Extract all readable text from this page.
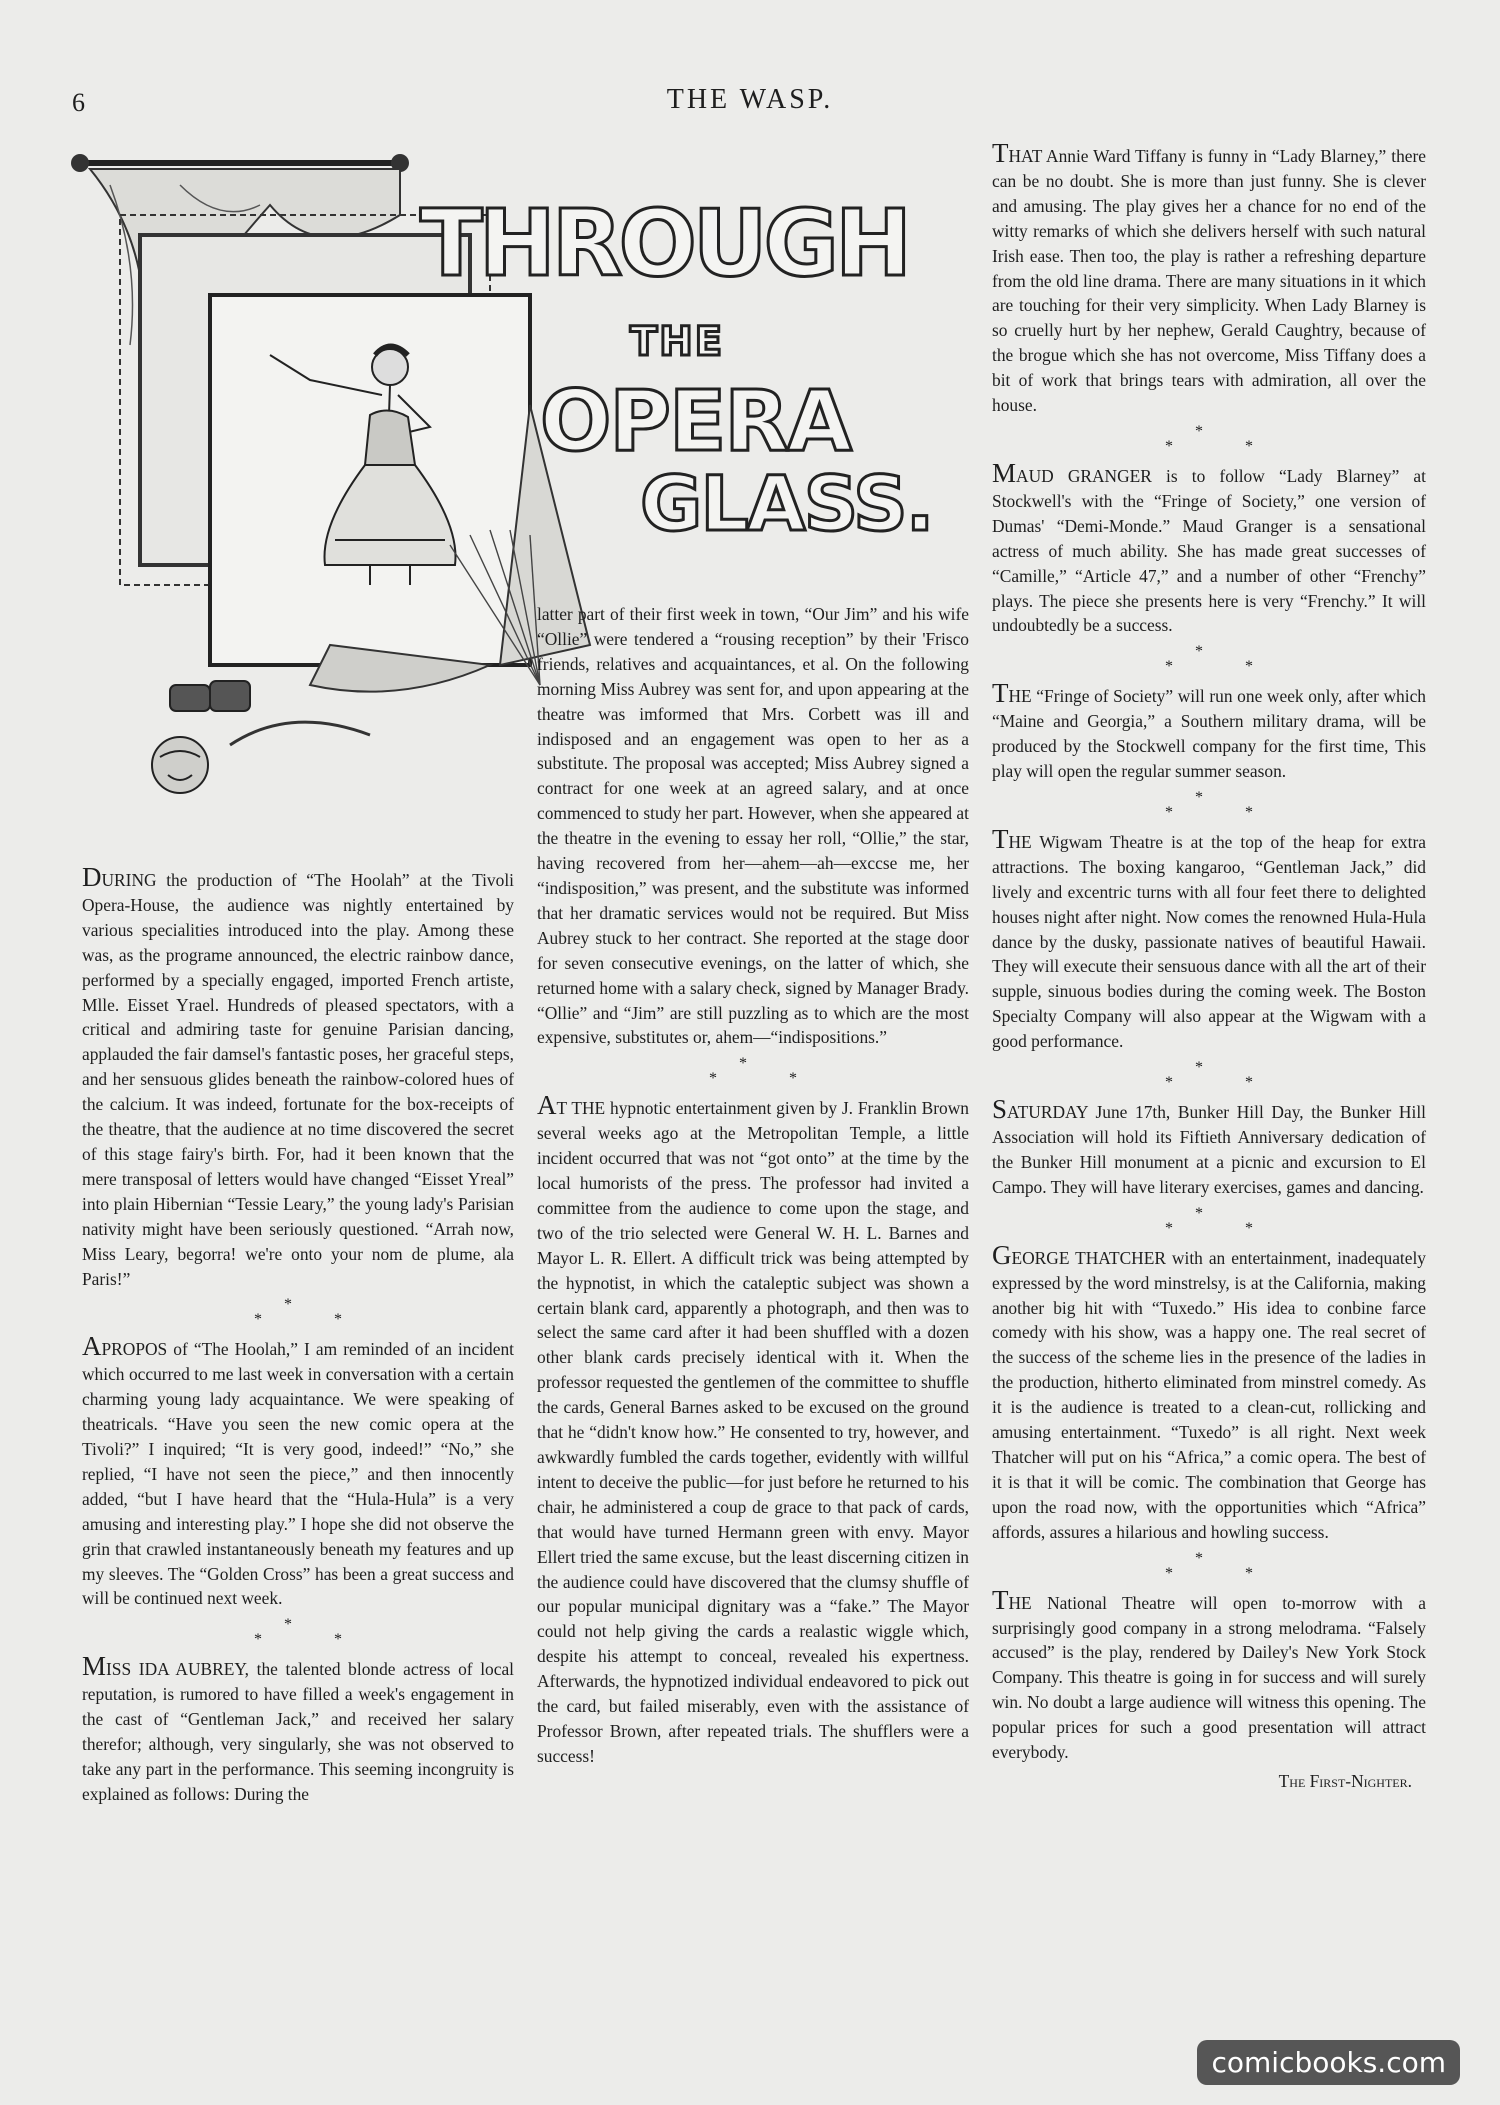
6	THE WASP.
THROUGH
THE
OPERA
GLASS.

DURING the production of “The Hoolah” at the Tivoli Opera-House, the audience was nightly entertained by various specialities introduced into the play. Among these was, as the programe announced, the electric rainbow dance, performed by a specially engaged, imported French artiste, Mlle. Eisset Yrael. Hundreds of pleased spectators, with a critical and admiring taste for genuine Parisian dancing, applauded the fair damsel's fantastic poses, her graceful steps, and her sensuous glides beneath the rainbow-colored hues of the calcium. It was indeed, fortunate for the box-receipts of the theatre, that the audience at no time discovered the secret of this stage fairy's birth. For, had it been known that the mere transposal of letters would have changed “Eisset Yreal” into plain Hibernian “Tessie Leary,” the young lady's Parisian nativity might have been seriously questioned. “Arrah now, Miss Leary, begorra! we're onto your nom de plume, ala Paris!”

*
* *

APROPOS of “The Hoolah,” I am reminded of an incident which occurred to me last week in conversation with a certain charming young lady acquaintance. We were speaking of theatricals. “Have you seen the new comic opera at the Tivoli?” I inquired; “It is very good, indeed!” “No,” she replied, “I have not seen the piece,” and then innocently added, “but I have heard that the “Hula-Hula” is a very amusing and interesting play.” I hope she did not observe the grin that crawled instantaneously beneath my features and up my sleeves. The “Golden Cross” has been a great success and will be continued next week.

*
* *

MISS IDA AUBREY, the talented blonde actress of local reputation, is rumored to have filled a week's engagement in the cast of “Gentleman Jack,” and received her salary therefor; although, very singularly, she was not observed to take any part in the performance. This seeming incongruity is explained as follows: During the

latter part of their first week in town, “Our Jim” and his wife “Ollie” were tendered a “rousing reception” by their 'Frisco friends, relatives and acquaintances, et al. On the following morning Miss Aubrey was sent for, and upon appearing at the theatre was imformed that Mrs. Corbett was ill and indisposed and an engagement was open to her as a substitute. The proposal was accepted; Miss Aubrey signed a contract for one week at an agreed salary, and at once commenced to study her part. However, when she appeared at the theatre in the evening to essay her roll, “Ollie,” the star, having recovered from her—ahem—ah—exccse me, her “indisposition,” was present, and the substitute was informed that her dramatic services would not be required. But Miss Aubrey stuck to her contract. She reported at the stage door for seven consecutive evenings, on the latter of which, she returned home with a salary check, signed by Manager Brady. “Ollie” and “Jim” are still puzzling as to which are the most expensive, substitutes or, ahem—“indispositions.”

*
* *

AT THE hypnotic entertainment given by J. Franklin Brown several weeks ago at the Metropolitan Temple, a little incident occurred that was not “got onto” at the time by the local humorists of the press. The professor had invited a committee from the audience to come upon the stage, and two of the trio selected were General W. H. L. Barnes and Mayor L. R. Ellert. A difficult trick was being attempted by the hypnotist, in which the cataleptic subject was shown a certain blank card, apparently a photograph, and then was to select the same card after it had been shuffled with a dozen other blank cards precisely identical with it. When the professor requested the gentlemen of the committee to shuffle the cards, General Barnes asked to be excused on the ground that he “didn't know how.” He consented to try, however, and awkwardly fumbled the cards together, evidently with willful intent to deceive the public—for just before he returned to his chair, he administered a coup de grace to that pack of cards, that would have turned Hermann green with envy. Mayor Ellert tried the same excuse, but the least discerning citizen in the audience could have discovered that the clumsy shuffle of our popular municipal dignitary was a “fake.” The Mayor could not help giving the cards a realastic wiggle which, despite his attempt to conceal, revealed his expertness. Afterwards, the hypnotized individual endeavored to pick out the card, but failed miserably, even with the assistance of Professor Brown, after repeated trials. The shufflers were a success!

THAT Annie Ward Tiffany is funny in “Lady Blarney,” there can be no doubt. She is more than just funny. She is clever and amusing. The play gives her a chance for no end of the witty remarks of which she delivers herself with such natural Irish ease. Then too, the play is rather a refreshing departure from the old line drama. There are many situations in it which are touching for their very simplicity. When Lady Blarney is so cruelly hurt by her nephew, Gerald Caughtry, because of the brogue which she has not overcome, Miss Tiffany does a bit of work that brings tears with admiration, all over the house.

*
* *

MAUD GRANGER is to follow “Lady Blarney” at Stockwell's with the “Fringe of Society,” one version of Dumas' “Demi-Monde.” Maud Granger is a sensational actress of much ability. She has made great successes of “Camille,” “Article 47,” and a number of other “Frenchy” plays. The piece she presents here is very “Frenchy.” It will undoubtedly be a success.

*
* *

THE “Fringe of Society” will run one week only, after which “Maine and Georgia,” a Southern military drama, will be produced by the Stockwell company for the first time, This play will open the regular summer season.

*
* *

THE Wigwam Theatre is at the top of the heap for extra attractions. The boxing kangaroo, “Gentleman Jack,” did lively and excentric turns with all four feet there to delighted houses night after night. Now comes the renowned Hula-Hula dance by the dusky, passionate natives of beautiful Hawaii. They will execute their sensuous dance with all the art of their supple, sinuous bodies during the coming week. The Boston Specialty Company will also appear at the Wigwam with a good performance.

*
* *

SATURDAY June 17th, Bunker Hill Day, the Bunker Hill Association will hold its Fiftieth Anniversary dedication of the Bunker Hill monument at a picnic and excursion to El Campo. They will have literary exercises, games and dancing.

*
* *

GEORGE THATCHER with an entertainment, inadequately expressed by the word minstrelsy, is at the California, making another big hit with “Tuxedo.” His idea to conbine farce comedy with his show, was a happy one. The real secret of the success of the scheme lies in the presence of the ladies in the production, hitherto eliminated from minstrel comedy. As it is the audience is treated to a clean-cut, rollicking and amusing entertainment. “Tuxedo” is all right. Next week Thatcher will put on his “Africa,” a comic opera. The best of it is that it will be comic. The combination that George has upon the road now, with the opportunities which “Africa” affords, assures a hilarious and howling success.

*
* *

THE National Theatre will open to-morrow with a surprisingly good company in a strong melodrama. “Falsely accused” is the play, rendered by Dailey's New York Stock Company. This theatre is going in for success and will surely win. No doubt a large audience will witness this opening. The popular prices for such a good presentation will attract everybody.

The First-Nighter.
comicbooks.com
